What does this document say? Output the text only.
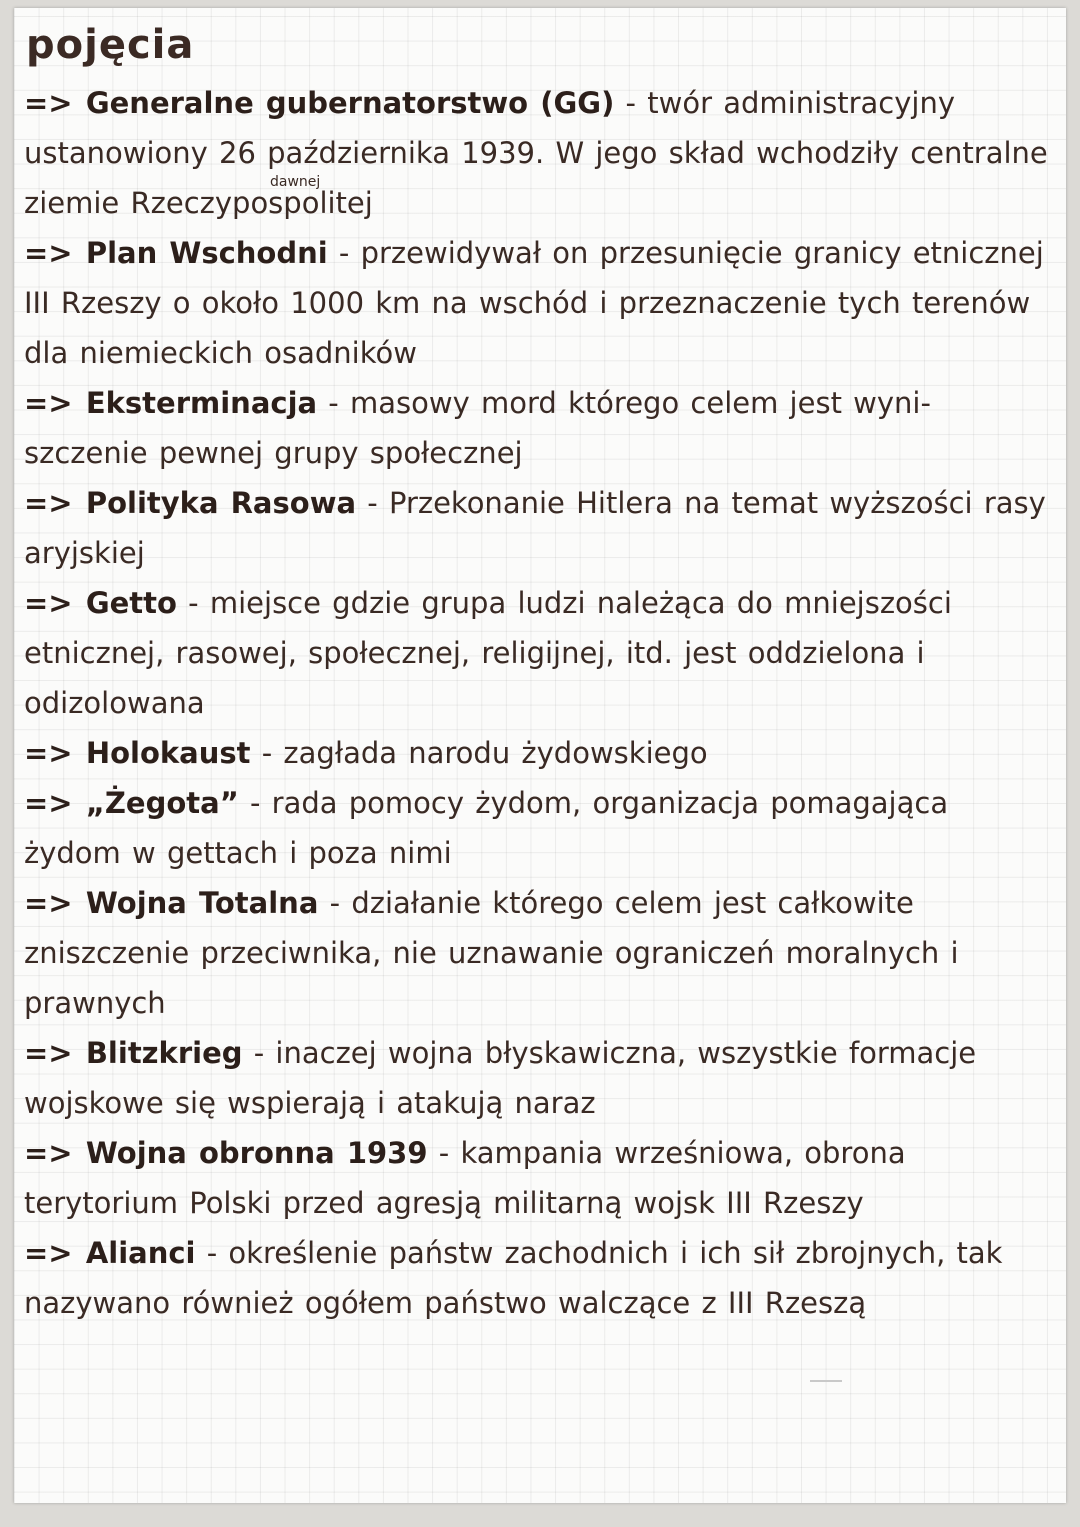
pojęcia
dawnej
=> Generalne gubernatorstwo (GG) - twór administracyjny ustanowiony 26 października 1939. W jego skład wchodziły centralne ziemie Rzeczypospolitej
=> Plan Wschodni - przewidywał on przesunięcie granicy etnicznej III Rzeszy o około 1000 km na wschód i przeznaczenie tych terenów dla niemieckich osadników
=> Eksterminacja - masowy mord którego celem jest wyni-szczenie pewnej grupy społecznej
=> Polityka Rasowa - Przekonanie Hitlera na temat wyższości rasy aryjskiej
=> Getto - miejsce gdzie grupa ludzi należąca do mniejszości etnicznej, rasowej, społecznej, religijnej, itd. jest oddzielona i odizolowana
=> Holokaust - zagłada narodu żydowskiego
=> „Żegota” - rada pomocy żydom, organizacja pomagająca żydom w gettach i poza nimi
=> Wojna Totalna - działanie którego celem jest całkowite zniszczenie przeciwnika, nie uznawanie ograniczeń moralnych i prawnych
=> Blitzkrieg - inaczej wojna błyskawiczna, wszystkie formacje wojskowe się wspierają i atakują naraz
=> Wojna obronna 1939 - kampania wrześniowa, obrona terytorium Polski przed agresją militarną wojsk III Rzeszy
=> Alianci - określenie państw zachodnich i ich sił zbrojnych, tak nazywano również ogółem państwo walczące z III Rzeszą
